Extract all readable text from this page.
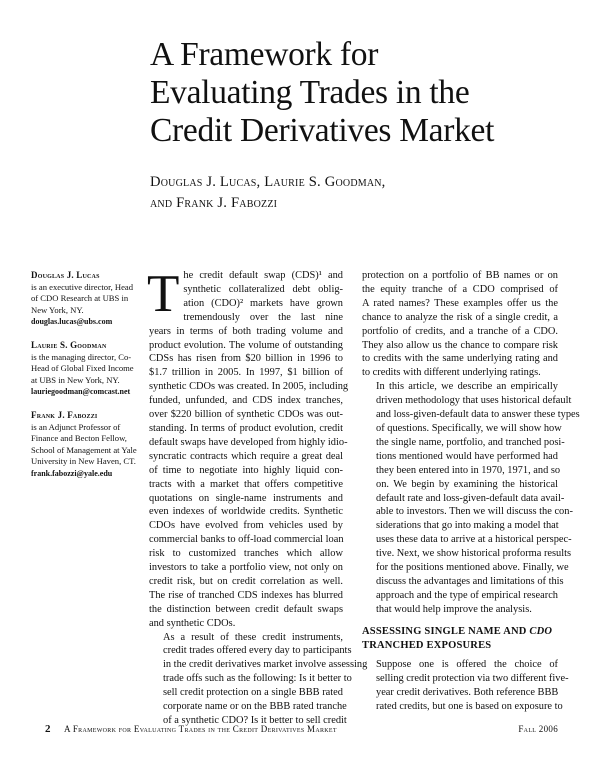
A Framework for
Evaluating Trades in the
Credit Derivatives Market
Douglas J. Lucas, Laurie S. Goodman,
and Frank J. Fabozzi
Douglas J. Lucas
is an executive director, Head of CDO Research at UBS in New York, NY.
douglas.lucas@ubs.com
Laurie S. Goodman
is the managing director, Co-Head of Global Fixed Income at UBS in New York, NY.
lauriegoodman@comcast.net
Frank J. Fabozzi
is an Adjunct Professor of Finance and Becton Fellow, School of Management at Yale University in New Haven, CT.
frank.fabozzi@yale.edu

T he credit default swap (CDS)¹ and
synthetic collateralized debt oblig-
ation (CDO)² markets have grown
tremendously over the last nine
years in terms of both trading volume and
product evolution. The volume of outstanding
CDSs has risen from $20 billion in 1996 to
$1.7 trillion in 2005. In 1997, $1 billion of
synthetic CDOs was created. In 2005, including
funded, unfunded, and CDS index tranches,
over $220 billion of synthetic CDOs was out-
standing. In terms of product evolution, credit
default swaps have developed from highly idio-
syncratic contracts which require a great deal
of time to negotiate into highly liquid con-
tracts with a market that offers competitive
quotations on single-name instruments and
even indexes of worldwide credits. Synthetic
CDOs have evolved from vehicles used by
commercial banks to off-load commercial loan
risk to customized tranches which allow
investors to take a portfolio view, not only on
credit risk, but on credit correlation as well.
The rise of tranched CDS indexes has blurred
the distinction between credit default swaps
and synthetic CDOs.

As a result of these credit instruments,
credit trades offered every day to participants
in the credit derivatives market involve assessing
trade offs such as the following: Is it better to
sell credit protection on a single BBB rated
corporate name or on the BBB rated tranche
of a synthetic CDO? Is it better to sell credit

protection on a portfolio of BB names or on
the equity tranche of a CDO comprised of
A rated names? These examples offer us the
chance to analyze the risk of a single credit, a
portfolio of credits, and a tranche of a CDO.
They also allow us the chance to compare risk
to credits with the same underlying rating and
to credits with different underlying ratings.

In this article, we describe an empirically
driven methodology that uses historical default
and loss-given-default data to answer these types
of questions. Specifically, we will show how
the single name, portfolio, and tranched posi-
tions mentioned would have performed had
they been entered into in 1970, 1971, and so
on. We begin by examining the historical
default rate and loss-given-default data avail-
able to investors. Then we will discuss the con-
siderations that go into making a model that
uses these data to arrive at a historical perspec-
tive. Next, we show historical proforma results
for the positions mentioned above. Finally, we
discuss the advantages and limitations of this
approach and the type of empirical research
that would help improve the analysis.

ASSESSING SINGLE NAME AND CDO
TRANCHED EXPOSURES

Suppose one is offered the choice of
selling credit protection via two different five-
year credit derivatives. Both reference BBB
rated credits, but one is based on exposure to

2 A Framework for Evaluating Trades in the Credit Derivatives Market	Fall 2006
